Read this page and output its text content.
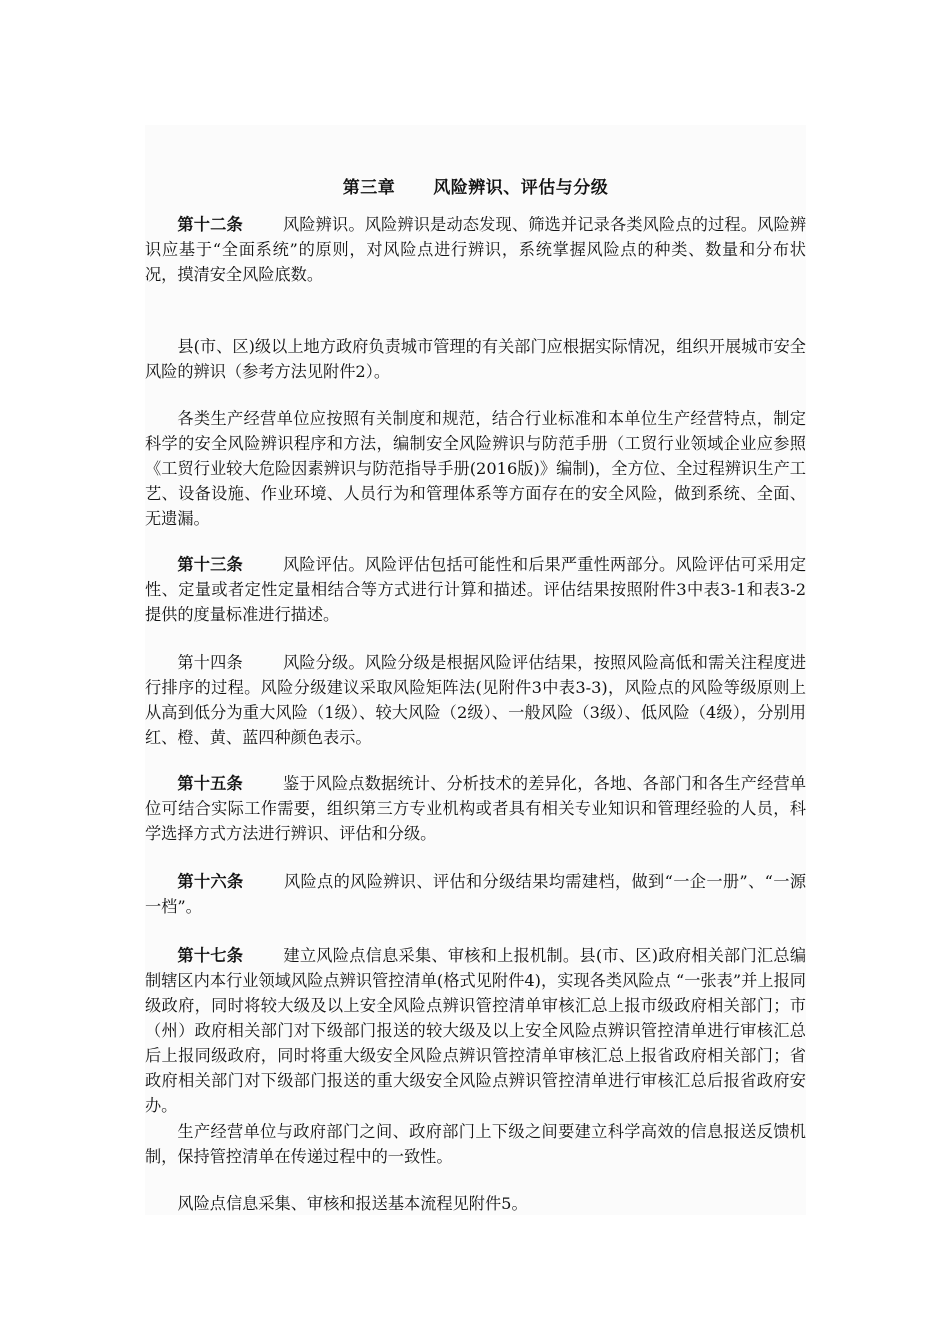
第三章 风险辨识、评估与分级

第十二条 风险辨识。风险辨识是动态发现、筛选并记录各类风险点的过程。风险辨识应基于“全面系统”的原则，对风险点进行辨识，系统掌握风险点的种类、数量和分布状况，摸清安全风险底数。

县(市、区)级以上地方政府负责城市管理的有关部门应根据实际情况，组织开展城市安全风险的辨识（参考方法见附件2）。

各类生产经营单位应按照有关制度和规范，结合行业标准和本单位生产经营特点，制定科学的安全风险辨识程序和方法，编制安全风险辨识与防范手册（工贸行业领域企业应参照《工贸行业较大危险因素辨识与防范指导手册(2016版)》编制)，全方位、全过程辨识生产工艺、设备设施、作业环境、人员行为和管理体系等方面存在的安全风险，做到系统、全面、无遗漏。

第十三条 风险评估。风险评估包括可能性和后果严重性两部分。风险评估可采用定性、定量或者定性定量相结合等方式进行计算和描述。评估结果按照附件3中表3-1和表3-2提供的度量标准进行描述。

第十四条 风险分级。风险分级是根据风险评估结果，按照风险高低和需关注程度进行排序的过程。风险分级建议采取风险矩阵法(见附件3中表3-3)，风险点的风险等级原则上从高到低分为重大风险（1级）、较大风险（2级）、一般风险（3级）、低风险（4级），分别用红、橙、黄、蓝四种颜色表示。

第十五条 鉴于风险点数据统计、分析技术的差异化，各地、各部门和各生产经营单位可结合实际工作需要，组织第三方专业机构或者具有相关专业知识和管理经验的人员，科学选择方式方法进行辨识、评估和分级。

第十六条 风险点的风险辨识、评估和分级结果均需建档，做到“一企一册”、“一源一档”。

第十七条 建立风险点信息采集、审核和上报机制。县(市、区)政府相关部门汇总编制辖区内本行业领域风险点辨识管控清单(格式见附件4)，实现各类风险点 “一张表”并上报同级政府，同时将较大级及以上安全风险点辨识管控清单审核汇总上报市级政府相关部门；市（州）政府相关部门对下级部门报送的较大级及以上安全风险点辨识管控清单进行审核汇总后上报同级政府，同时将重大级安全风险点辨识管控清单审核汇总上报省政府相关部门；省政府相关部门对下级部门报送的重大级安全风险点辨识管控清单进行审核汇总后报省政府安办。

生产经营单位与政府部门之间、政府部门上下级之间要建立科学高效的信息报送反馈机制，保持管控清单在传递过程中的一致性。

风险点信息采集、审核和报送基本流程见附件5。
